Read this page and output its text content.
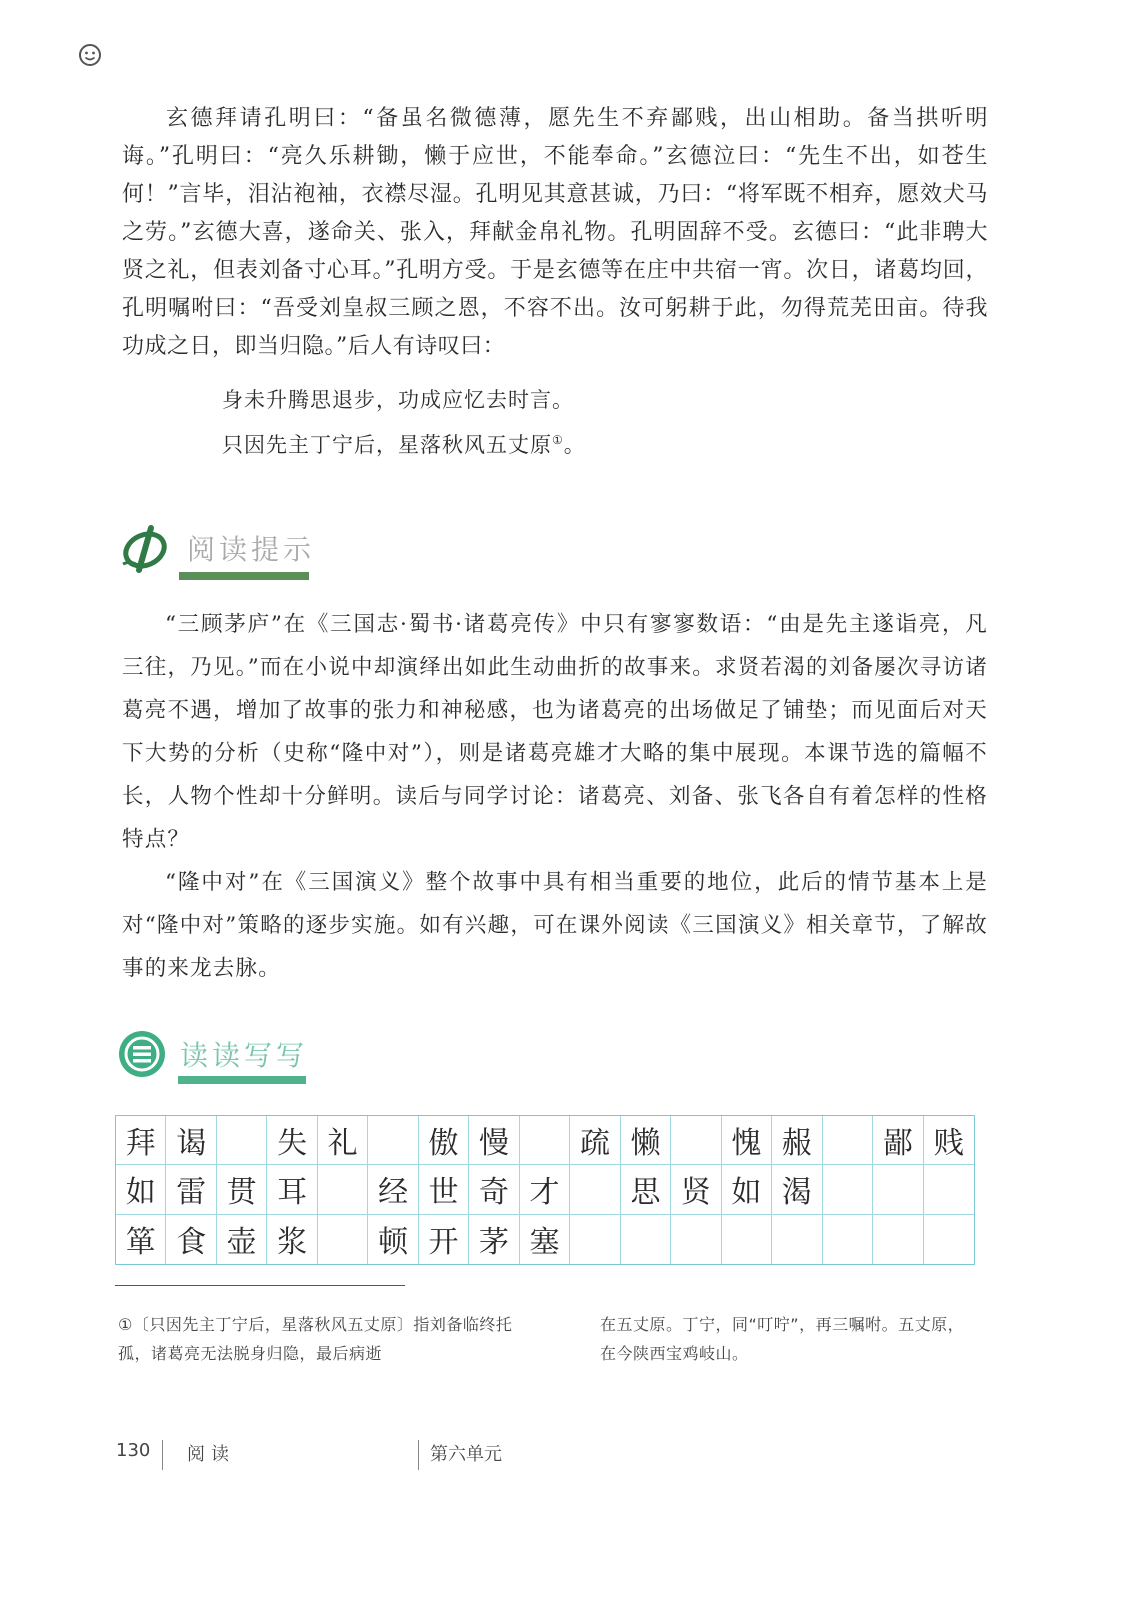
玄德拜请孔明曰：“备虽名微德薄，愿先生不弃鄙贱，出山相助。备当拱听明诲。”孔明曰：“亮久乐耕锄，懒于应世，不能奉命。”玄德泣曰：“先生不出，如苍生何！”言毕，泪沾袍袖，衣襟尽湿。孔明见其意甚诚，乃曰：“将军既不相弃，愿效犬马之劳。”玄德大喜，遂命关、张入，拜献金帛礼物。孔明固辞不受。玄德曰：“此非聘大贤之礼，但表刘备寸心耳。”孔明方受。于是玄德等在庄中共宿一宵。次日，诸葛均回，孔明嘱咐曰：“吾受刘皇叔三顾之恩，不容不出。汝可躬耕于此，勿得荒芜田亩。待我功成之日，即当归隐。”后人有诗叹曰：

身未升腾思退步，功成应忆去时言。
只因先主丁宁后，星落秋风五丈原①。
阅读提示

“三顾茅庐”在《三国志·蜀书·诸葛亮传》中只有寥寥数语：“由是先主遂诣亮，凡三往，乃见。”而在小说中却演绎出如此生动曲折的故事来。求贤若渴的刘备屡次寻访诸葛亮不遇，增加了故事的张力和神秘感，也为诸葛亮的出场做足了铺垫；而见面后对天下大势的分析（史称“隆中对”），则是诸葛亮雄才大略的集中展现。本课节选的篇幅不长，人物个性却十分鲜明。读后与同学讨论：诸葛亮、刘备、张飞各自有着怎样的性格特点？

“隆中对”在《三国演义》整个故事中具有相当重要的地位，此后的情节基本上是对“隆中对”策略的逐步实施。如有兴趣，可在课外阅读《三国演义》相关章节，了解故事的来龙去脉。

读读写写
拜 谒	失 礼	傲 慢	疏 懒	愧 赧	鄙 贱
如 雷 贯 耳	经 世 奇 才	思 贤 如 渴
箪 食 壶 浆	顿 开 茅 塞
①〔只因先主丁宁后，星落秋风五丈原〕指刘备临终托孤，诸葛亮无法脱身归隐，最后病逝
在五丈原。丁宁，同“叮咛”，再三嘱咐。五丈原，在今陕西宝鸡岐山。
130 阅读	第六单元
